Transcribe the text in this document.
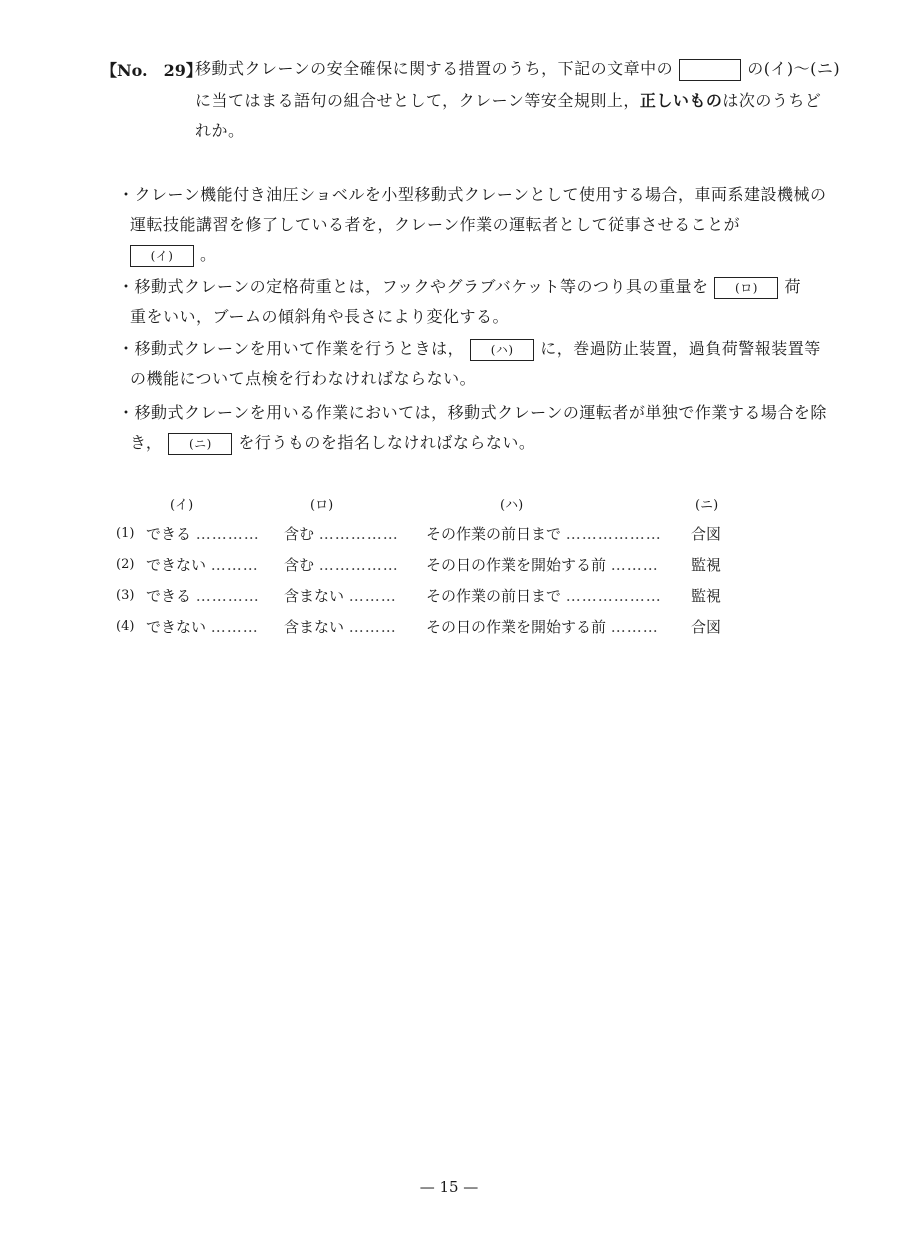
【No.　29】
移動式クレーンの安全確保に関する措置のうち，下記の文章中の	の(イ)〜(ニ)
に当てはまる語句の組合せとして，クレーン等安全規則上，正しいものは次のうちど
れか。
・クレーン機能付き油圧ショベルを小型移動式クレーンとして使用する場合，車両系建設機械の
運転技能講習を修了している者を，クレーン作業の運転者として従事させることが
(イ) 。
・移動式クレーンの定格荷重とは，フックやグラブバケット等のつり具の重量を (ロ) 荷
重をいい，ブームの傾斜角や長さにより変化する。
・移動式クレーンを用いて作業を行うときは， (ハ) に，巻過防止装置，過負荷警報装置等
の機能について点検を行わなければならない。
・移動式クレーンを用いる作業においては，移動式クレーンの運転者が単独で作業する場合を除
き， (ニ) を行うものを指名しなければならない。
(イ)	(ロ)	(ハ)	(ニ)
(1) できる ………… 含む …………… その作業の前日まで ……………… 合図
(2) できない ……… 含む …………… その日の作業を開始する前 ……… 監視
(3) できる ………… 含まない ……… その作業の前日まで ……………… 監視
(4) できない ……… 含まない ……… その日の作業を開始する前 ……… 合図
— 15 —
